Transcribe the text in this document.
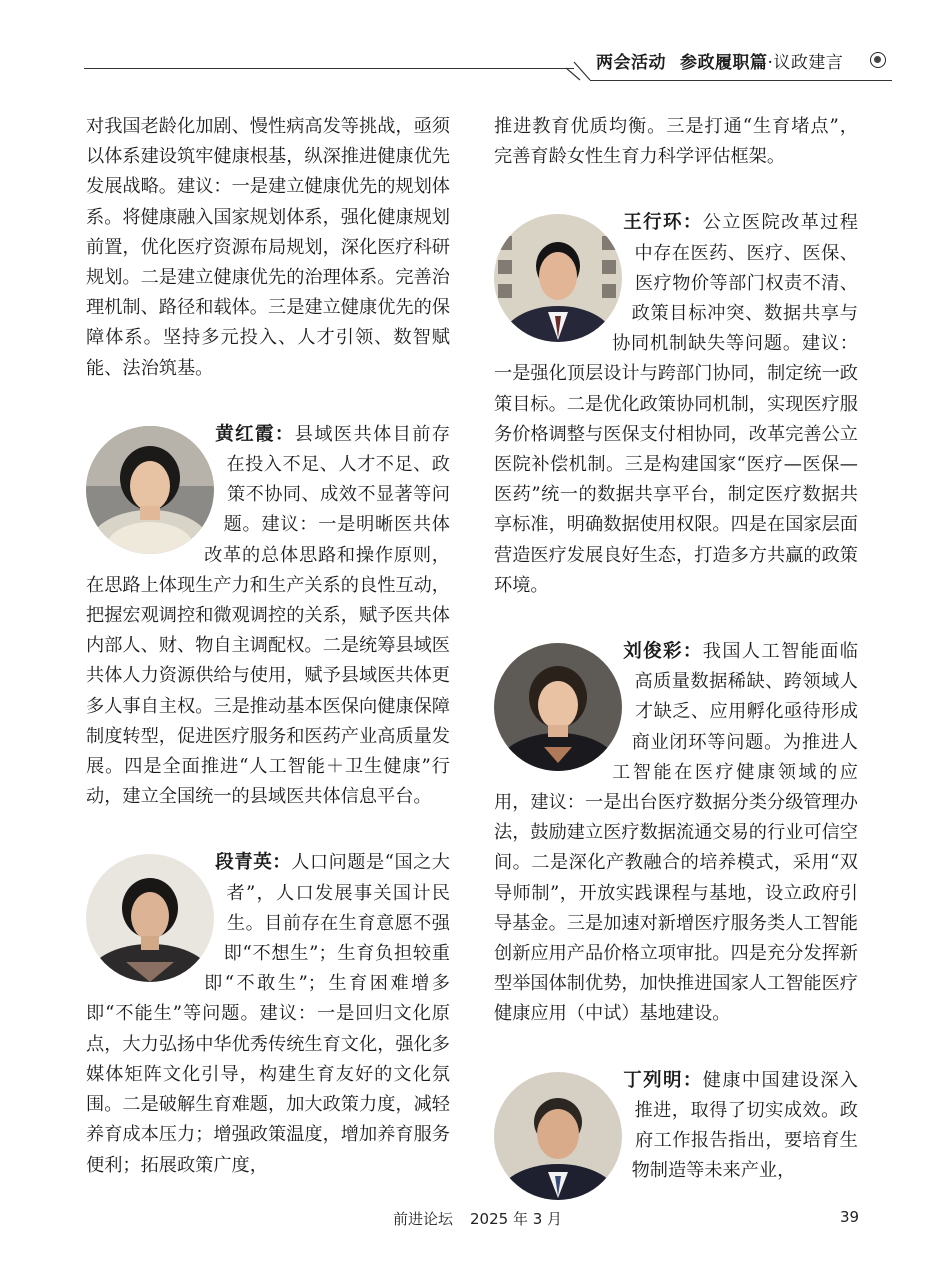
两会活动 参政履职篇·议政建言

对我国老龄化加剧、慢性病高发等挑战，亟须以体系建设筑牢健康根基，纵深推进健康优先发展战略。建议：一是建立健康优先的规划体系。将健康融入国家规划体系，强化健康规划前置，优化医疗资源布局规划，深化医疗科研规划。二是建立健康优先的治理体系。完善治理机制、路径和载体。三是建立健康优先的保障体系。坚持多元投入、人才引领、数智赋能、法治筑基。

黄红霞：县域医共体目前存在投入不足、人才不足、政策不协同、成效不显著等问题。建议：一是明晰医共体改革的总体思路和操作原则，在思路上体现生产力和生产关系的良性互动，把握宏观调控和微观调控的关系，赋予医共体内部人、财、物自主调配权。二是统筹县域医共体人力资源供给与使用，赋予县域医共体更多人事自主权。三是推动基本医保向健康保障制度转型，促进医疗服务和医药产业高质量发展。四是全面推进“人工智能＋卫生健康”行动，建立全国统一的县域医共体信息平台。

段青英：人口问题是“国之大者”，人口发展事关国计民生。目前存在生育意愿不强即“不想生”；生育负担较重即“不敢生”；生育困难增多即“不能生”等问题。建议：一是回归文化原点，大力弘扬中华优秀传统生育文化，强化多媒体矩阵文化引导，构建生育友好的文化氛围。二是破解生育难题，加大政策力度，减轻养育成本压力；增强政策温度，增加养育服务便利；拓展政策广度，

推进教育优质均衡。三是打通“生育堵点”，完善育龄女性生育力科学评估框架。

王行环：公立医院改革过程中存在医药、医疗、医保、医疗物价等部门权责不清、政策目标冲突、数据共享与协同机制缺失等问题。建议：一是强化顶层设计与跨部门协同，制定统一政策目标。二是优化政策协同机制，实现医疗服务价格调整与医保支付相协同，改革完善公立医院补偿机制。三是构建国家“医疗—医保—医药”统一的数据共享平台，制定医疗数据共享标准，明确数据使用权限。四是在国家层面营造医疗发展良好生态，打造多方共赢的政策环境。

刘俊彩：我国人工智能面临高质量数据稀缺、跨领域人才缺乏、应用孵化亟待形成商业闭环等问题。为推进人工智能在医疗健康领域的应用，建议：一是出台医疗数据分类分级管理办法，鼓励建立医疗数据流通交易的行业可信空间。二是深化产教融合的培养模式，采用“双导师制”，开放实践课程与基地，设立政府引导基金。三是加速对新增医疗服务类人工智能创新应用产品价格立项审批。四是充分发挥新型举国体制优势，加快推进国家人工智能医疗健康应用（中试）基地建设。

丁列明：健康中国建设深入推进，取得了切实成效。政府工作报告指出，要培育生物制造等未来产业，

前进论坛 2025 年 3 月	39
